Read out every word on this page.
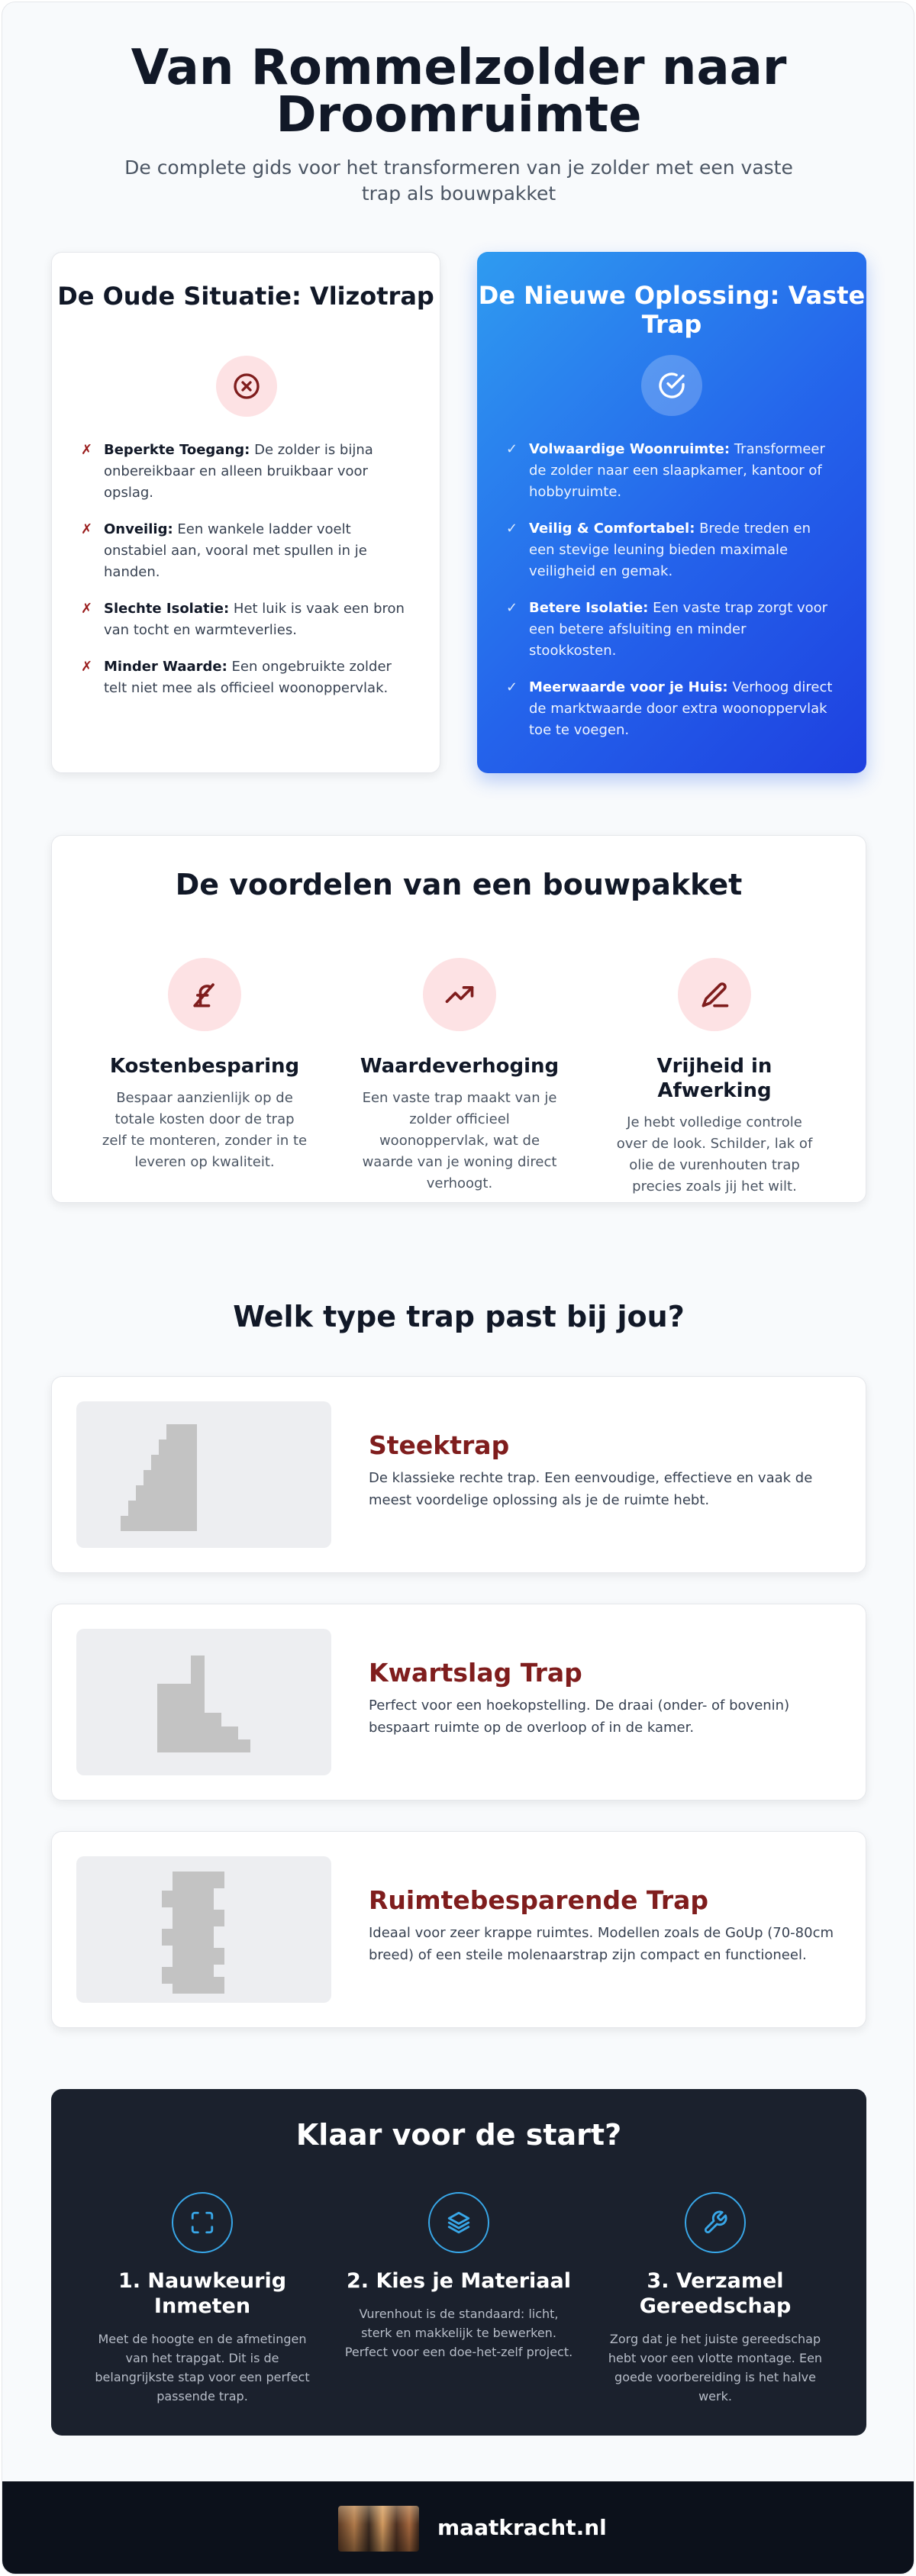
Van Rommelzolder naar Droomruimte

De complete gids voor het transformeren van je zolder met een vaste trap als bouwpakket

De Oude Situatie: Vlizotrap
✗ Beperkte Toegang: De zolder is bijna onbereikbaar en alleen bruikbaar voor opslag.
✗ Onveilig: Een wankele ladder voelt onstabiel aan, vooral met spullen in je handen.
✗ Slechte Isolatie: Het luik is vaak een bron van tocht en warmteverlies.
✗ Minder Waarde: Een ongebruikte zolder telt niet mee als officieel woonoppervlak.
De Nieuwe Oplossing: Vaste Trap
✓ Volwaardige Woonruimte: Transformeer de zolder naar een slaapkamer, kantoor of hobbyruimte.
✓ Veilig & Comfortabel: Brede treden en een stevige leuning bieden maximale veiligheid en gemak.
✓ Betere Isolatie: Een vaste trap zorgt voor een betere afsluiting en minder stookkosten.
✓ Meerwaarde voor je Huis: Verhoog direct de marktwaarde door extra woonoppervlak toe te voegen.
De voordelen van een bouwpakket
Kostenbesparing

Bespaar aanzienlijk op de totale kosten door de trap zelf te monteren, zonder in te leveren op kwaliteit.

Waardeverhoging

Een vaste trap maakt van je zolder officieel woonoppervlak, wat de waarde van je woning direct verhoogt.

Vrijheid in Afwerking

Je hebt volledige controle over de look. Schilder, lak of olie de vurenhouten trap precies zoals jij het wilt.

Welk type trap past bij jou?
Steektrap

De klassieke rechte trap. Een eenvoudige, effectieve en vaak de meest voordelige oplossing als je de ruimte hebt.

Kwartslag Trap

Perfect voor een hoekopstelling. De draai (onder- of bovenin) bespaart ruimte op de overloop of in de kamer.

Ruimtebesparende Trap

Ideaal voor zeer krappe ruimtes. Modellen zoals de GoUp (70-80cm breed) of een steile molenaarstrap zijn compact en functioneel.

Klaar voor de start?
1. Nauwkeurig Inmeten

Meet de hoogte en de afmetingen van het trapgat. Dit is de belangrijkste stap voor een perfect passende trap.

2. Kies je Materiaal

Vurenhout is de standaard: licht, sterk en makkelijk te bewerken. Perfect voor een doe-het-zelf project.

3. Verzamel Gereedschap

Zorg dat je het juiste gereedschap hebt voor een vlotte montage. Een goede voorbereiding is het halve werk.

maatkracht.nl
